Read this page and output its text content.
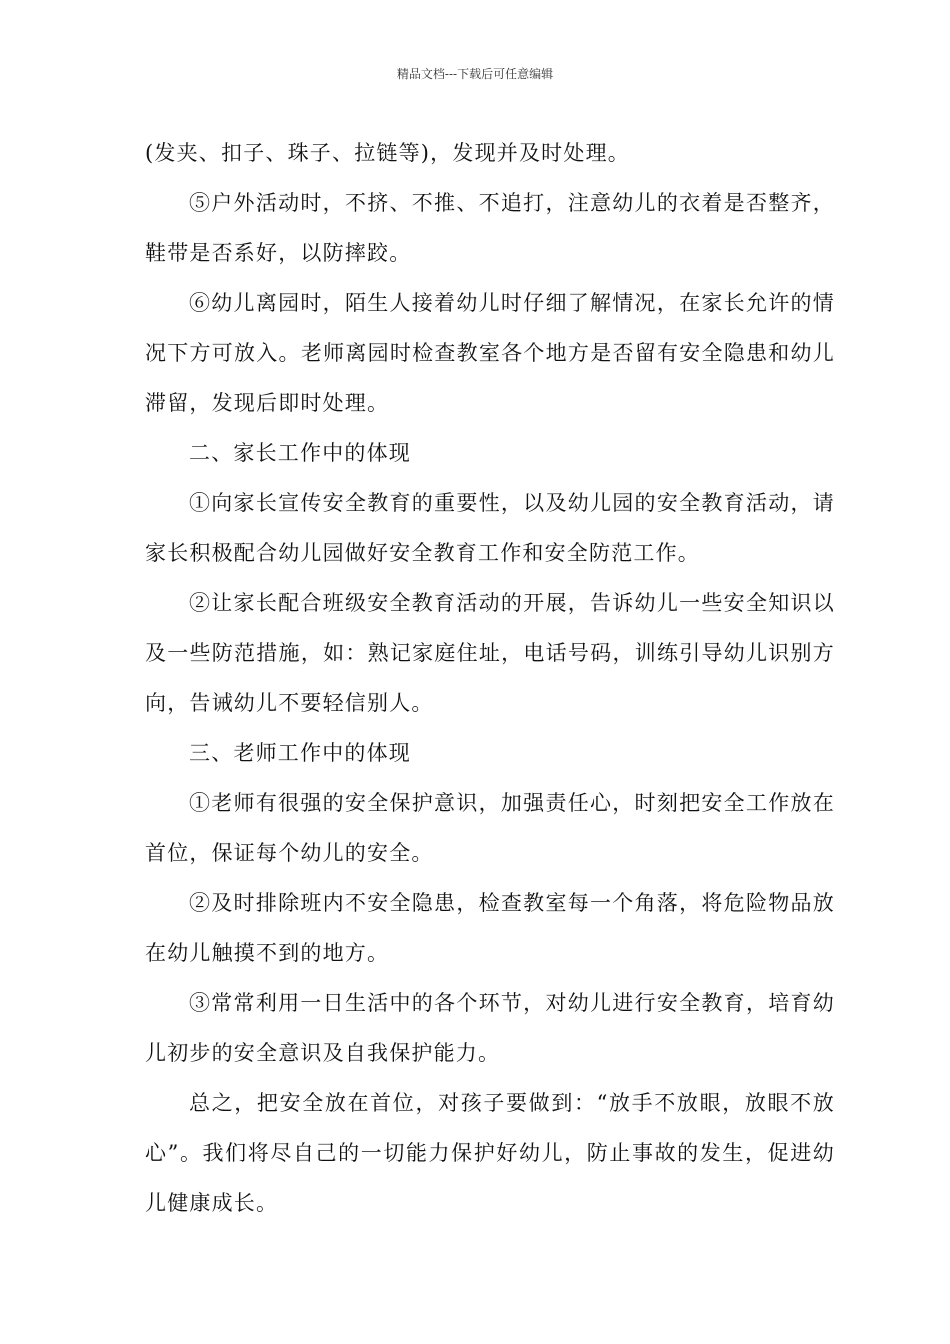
精品文档---下载后可任意编辑

(发夹、扣子、珠子、拉链等)，发现并及时处理。

⑤户外活动时，不挤、不推、不追打，注意幼儿的衣着是否整齐，鞋带是否系好，以防摔跤。

⑥幼儿离园时，陌生人接着幼儿时仔细了解情况，在家长允许的情况下方可放入。老师离园时检查教室各个地方是否留有安全隐患和幼儿滞留，发现后即时处理。

二、家长工作中的体现

①向家长宣传安全教育的重要性，以及幼儿园的安全教育活动，请家长积极配合幼儿园做好安全教育工作和安全防范工作。

②让家长配合班级安全教育活动的开展，告诉幼儿一些安全知识以及一些防范措施，如：熟记家庭住址，电话号码，训练引导幼儿识别方向，告诫幼儿不要轻信别人。

三、老师工作中的体现

①老师有很强的安全保护意识，加强责任心，时刻把安全工作放在首位，保证每个幼儿的安全。

②及时排除班内不安全隐患，检查教室每一个角落，将危险物品放在幼儿触摸不到的地方。

③常常利用一日生活中的各个环节，对幼儿进行安全教育，培育幼儿初步的安全意识及自我保护能力。

总之，把安全放在首位，对孩子要做到：“放手不放眼，放眼不放心”。我们将尽自己的一切能力保护好幼儿，防止事故的发生，促进幼儿健康成长。
